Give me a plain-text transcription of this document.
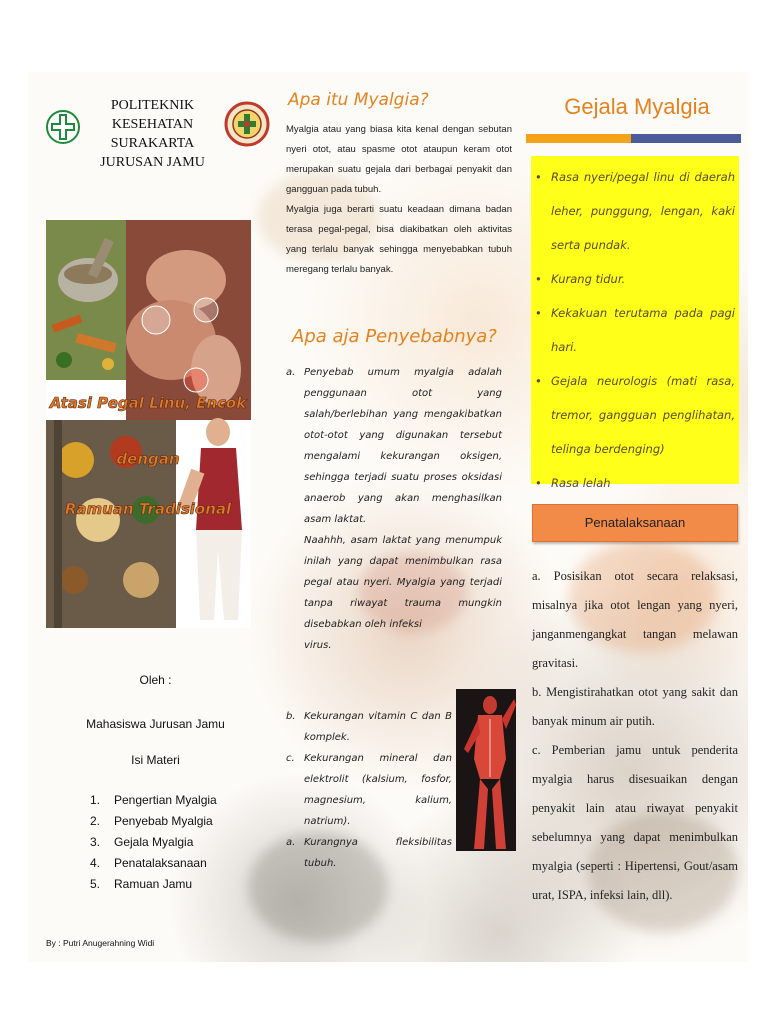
POLITEKNIK KESEHATAN
SURAKARTA
JURUSAN JAMU
Atasi Pegal Linu, Encok
dengan
Ramuan Tradisional
Oleh :
Mahasiswa Jurusan Jamu
Isi Materi
1. Pengertian Myalgia
2. Penyebab Myalgia
3. Gejala Myalgia
4. Penatalaksanaan
5. Ramuan Jamu
By : Putri Anugerahning Widi
Apa itu Myalgia?
Myalgia atau yang biasa kita kenal dengan sebutan nyeri otot, atau spasme otot ataupun keram otot merupakan suatu gejala dari berbagai penyakit dan gangguan pada tubuh.
Myalgia juga berarti suatu keadaan dimana badan terasa pegal-pegal, bisa diakibatkan oleh aktivitas yang terlalu banyak sehingga menyebabkan tubuh meregang terlalu banyak.
Apa aja Penyebabnya?
a. Penyebab umum myalgia adalah penggunaan otot yang salah/berlebihan yang mengakibatkan otot-otot yang digunakan tersebut mengalami kekurangan oksigen, sehingga terjadi suatu proses oksidasi anaerob yang akan menghasilkan asam laktat.
Naahhh, asam laktat yang menumpuk inilah yang dapat menimbulkan rasa pegal atau nyeri. Myalgia yang terjadi tanpa riwayat trauma mungkin disebabkan oleh infeksi
virus.
b. Kekurangan vitamin C dan B komplek.
c. Kekurangan mineral dan elektrolit (kalsium, fosfor, magnesium, kalium, natrium).
a. Kurangnya fleksibilitas tubuh.
Gejala Myalgia
• Rasa nyeri/pegal linu di daerah leher, punggung, lengan, kaki serta pundak.
• Kurang tidur.
• Kekakuan terutama pada pagi hari.
• Gejala neurologis (mati rasa, tremor, gangguan penglihatan, telinga berdenging)
• Rasa lelah
Penatalaksanaan
a. Posisikan otot secara relaksasi, misalnya jika otot lengan yang nyeri, janganmengangkat tangan melawan gravitasi.
b. Mengistirahatkan otot yang sakit dan banyak minum air putih.
c. Pemberian jamu untuk penderita myalgia harus disesuaikan dengan penyakit lain atau riwayat penyakit sebelumnya yang dapat menimbulkan myalgia (seperti : Hipertensi, Gout/asam urat, ISPA, infeksi lain, dll).
